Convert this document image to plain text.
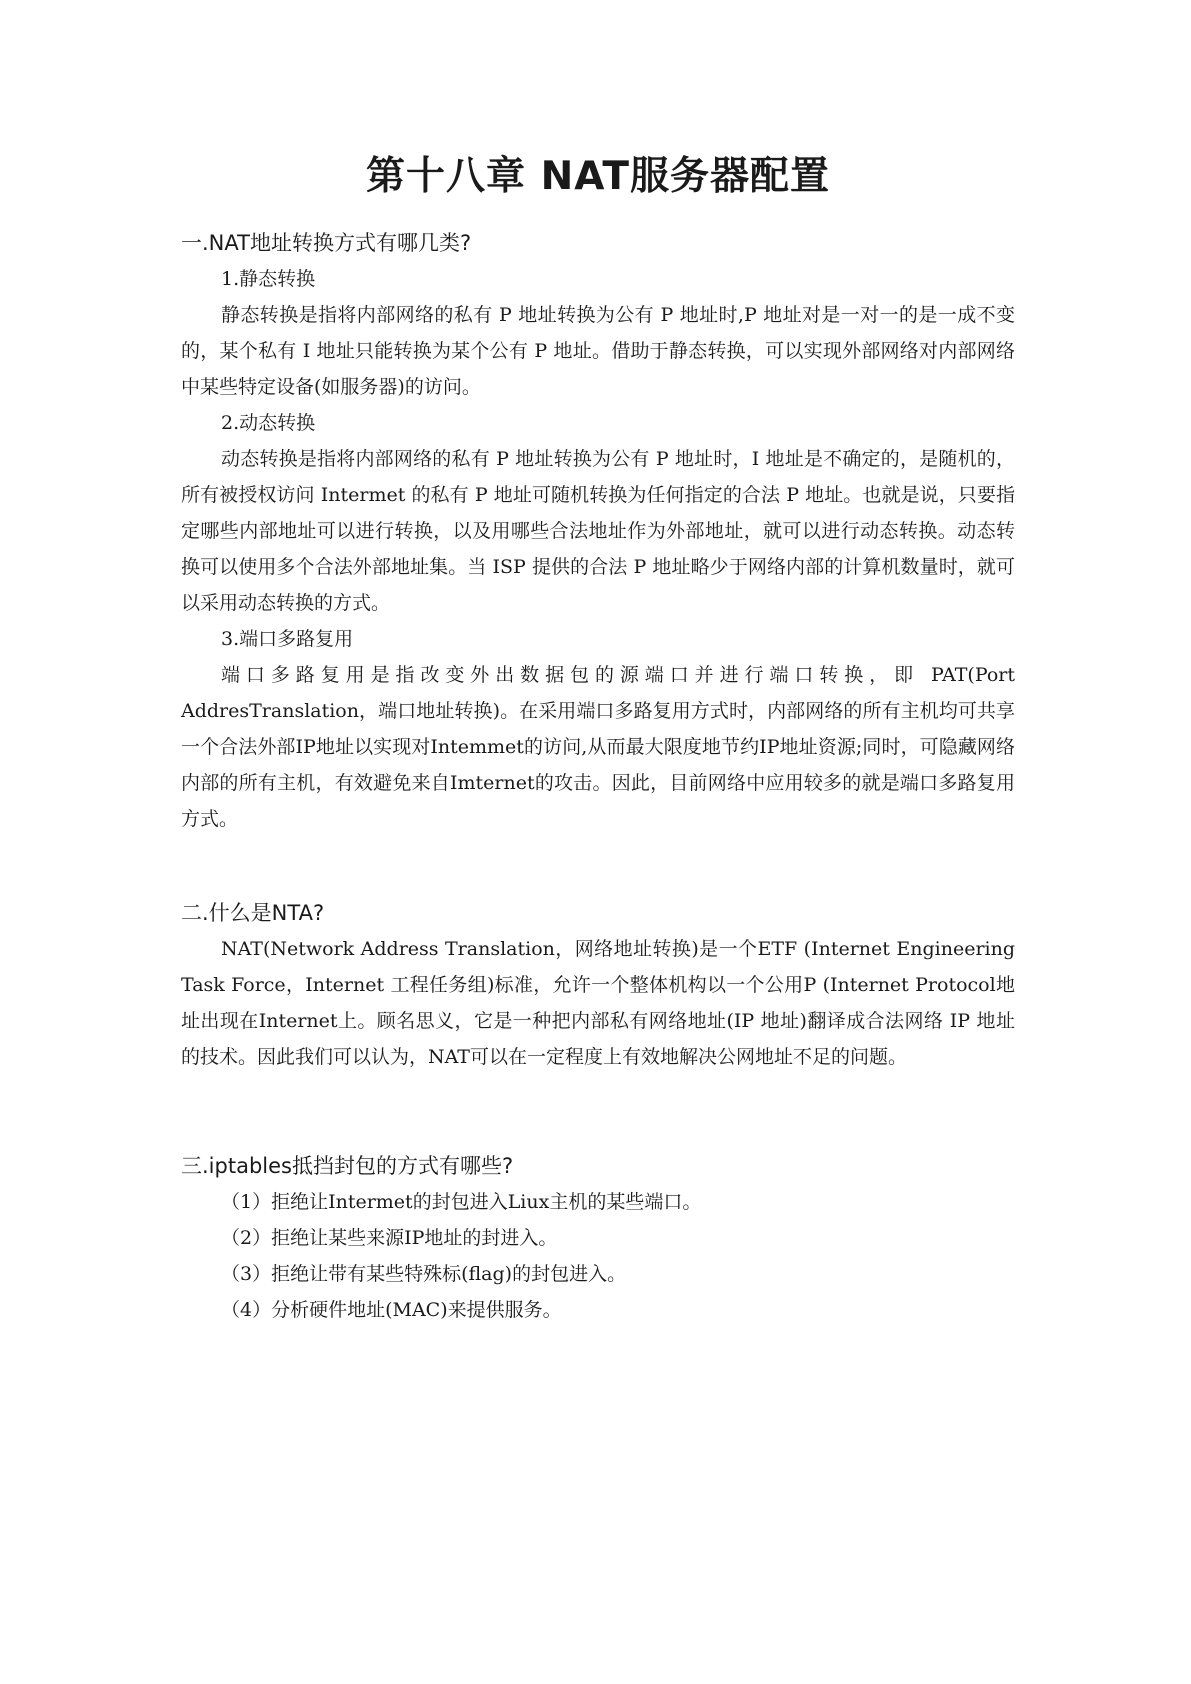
第十八章 NAT服务器配置
一.NAT地址转换方式有哪几类?

1.静态转换

静态转换是指将内部网络的私有 P 地址转换为公有 P 地址时,P 地址对是一对一的是一成不变的，某个私有 I 地址只能转换为某个公有 P 地址。借助于静态转换，可以实现外部网络对内部网络中某些特定设备(如服务器)的访问。

2.动态转换

动态转换是指将内部网络的私有 P 地址转换为公有 P 地址时，I 地址是不确定的，是随机的，所有被授权访问 Intermet 的私有 P 地址可随机转换为任何指定的合法 P 地址。也就是说，只要指定哪些内部地址可以进行转换，以及用哪些合法地址作为外部地址，就可以进行动态转换。动态转换可以使用多个合法外部地址集。当 ISP 提供的合法 P 地址略少于网络内部的计算机数量时，就可以采用动态转换的方式。

3.端口多路复用

端口多路复用是指改变外出数据包的源端口并进行端口转换，即 PAT(Port AddresTranslation，端口地址转换)。在采用端口多路复用方式时，内部网络的所有主机均可共享一个合法外部IP地址以实现对Intemmet的访问,从而最大限度地节约IP地址资源;同时，可隐藏网络内部的所有主机，有效避免来自Imternet的攻击。因此，目前网络中应用较多的就是端口多路复用方式。

二.什么是NTA?

NAT(Network Address Translation，网络地址转换)是一个ETF (Internet Engineering Task Force，Internet 工程任务组)标准，允许一个整体机构以一个公用P (Internet Protocol地址出现在Internet上。顾名思义，它是一种把内部私有网络地址(IP 地址)翻译成合法网络 IP 地址的技术。因此我们可以认为，NAT可以在一定程度上有效地解决公网地址不足的问题。

三.iptables抵挡封包的方式有哪些?

（1）拒绝让Intermet的封包进入Liux主机的某些端口。

（2）拒绝让某些来源IP地址的封进入。

（3）拒绝让带有某些特殊标(flag)的封包进入。

（4）分析硬件地址(MAC)来提供服务。
